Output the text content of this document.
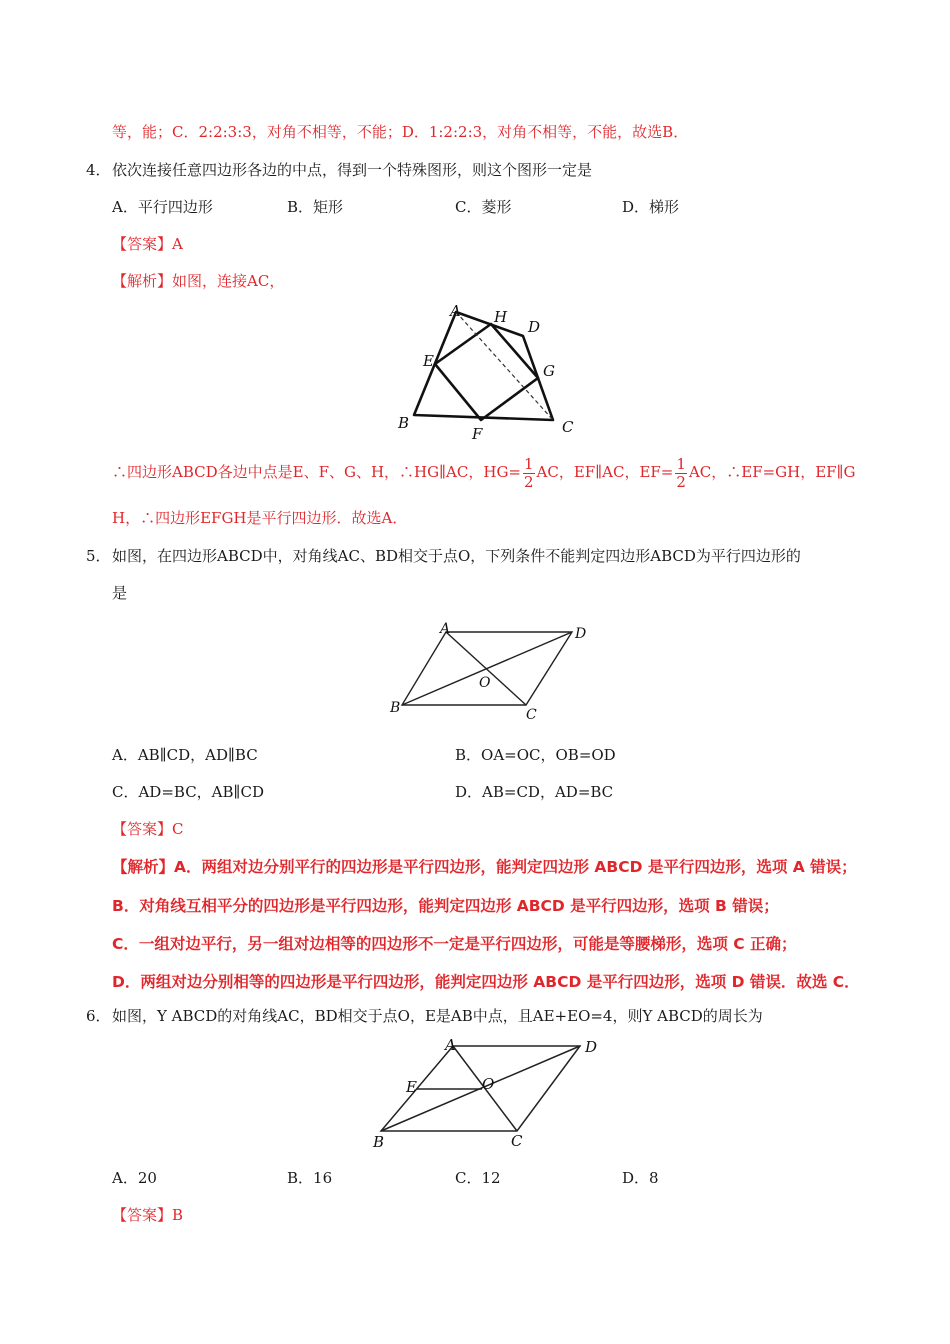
等，能；C．2:2:3:3，对角不相等，不能；D．1:2:2:3，对角不相等，不能，故选B．
4． 依次连接任意四边形各边的中点，得到一个特殊图形，则这个图形一定是
A．平行四边形	B．矩形	C．菱形	D．梯形
【答案】A
【解析】如图，连接AC，
A H
D
E
G
B
F	C
∴四边形ABCD各边中点是E、F、G、H，∴HG∥AC，$HG= \frac{1}{2}$ AC，EF∥AC，$EF= \frac{1}{2}$ AC，∴EF=GH，EF∥G
H，∴四边形EFGH是平行四边形．故选A．
5． 如图，在四边形ABCD中，对角线AC、BD相交于点O，下列条件不能判定四边形ABCD为平行四边形的
是
A	D
O
B	C
A．AB∥CD，AD∥BC	B．OA=OC，OB=OD
C．AD=BC，AB∥CD	D．AB=CD，AD=BC
【答案】C
【解析】A．两组对边分别平行的四边形是平行四边形，能判定四边形 ABCD 是平行四边形，选项 A 错误；
B．对角线互相平分的四边形是平行四边形，能判定四边形 ABCD 是平行四边形，选项 B 错误；
C．一组对边平行，另一组对边相等的四边形不一定是平行四边形，可能是等腰梯形，选项 C 正确；
D．两组对边分别相等的四边形是平行四边形，能判定四边形 ABCD 是平行四边形，选项 D 错误．故选 C．
6． 如图，Y ABCD的对角线AC，BD相交于点O，E是AB中点，且AE+EO=4，则Y ABCD的周长为
A	D
E	O
B	C
A．20	B．16	C．12	D．8
【答案】B
